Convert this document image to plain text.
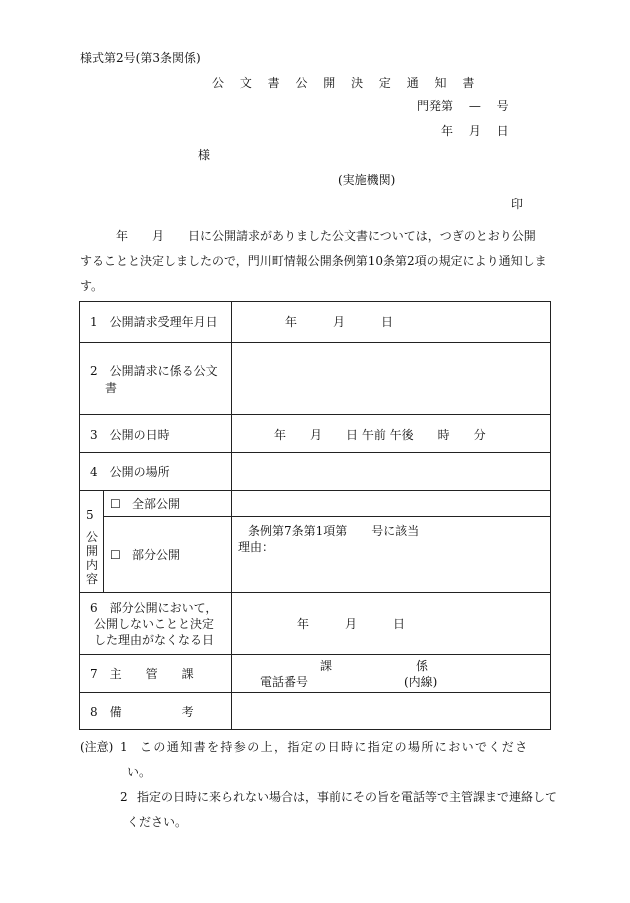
様式第2号(第3条関係)
公 文 書 公 開 決 定 通 知 書
門発第　 —　 号
年　 月　 日
様
(実施機関)
印

年　　月　　日に公開請求がありました公文書については，つぎのとおり公開

することと決定しましたので，門川町情報公開条例第10条第2項の規定により通知しま

す。

1　公開請求受理年月日	年　　　月　　　日
2　公開請求に係る公文
書
3　公開の日時	年　　月　　日 午前 午後　　時　　分
4　公開の場所
5
公
開
内
容
☐ 全部公開
☐ 部分公開
条例第7条第1項第　　号に該当
理由：
6　部分公開において，
公開しないことと決定
した理由がなくなる日
年　　　月　　　日
7　主　　管　　課
課　　　　　　　係
電話番号　　　　　　　　(内線)
8　備　　　　　考
(注意) 1 この通知書を持参の上，指定の日時に指定の場所においでくださ
い。
2 指定の日時に来られない場合は，事前にその旨を電話等で主管課まで連絡して
ください。
